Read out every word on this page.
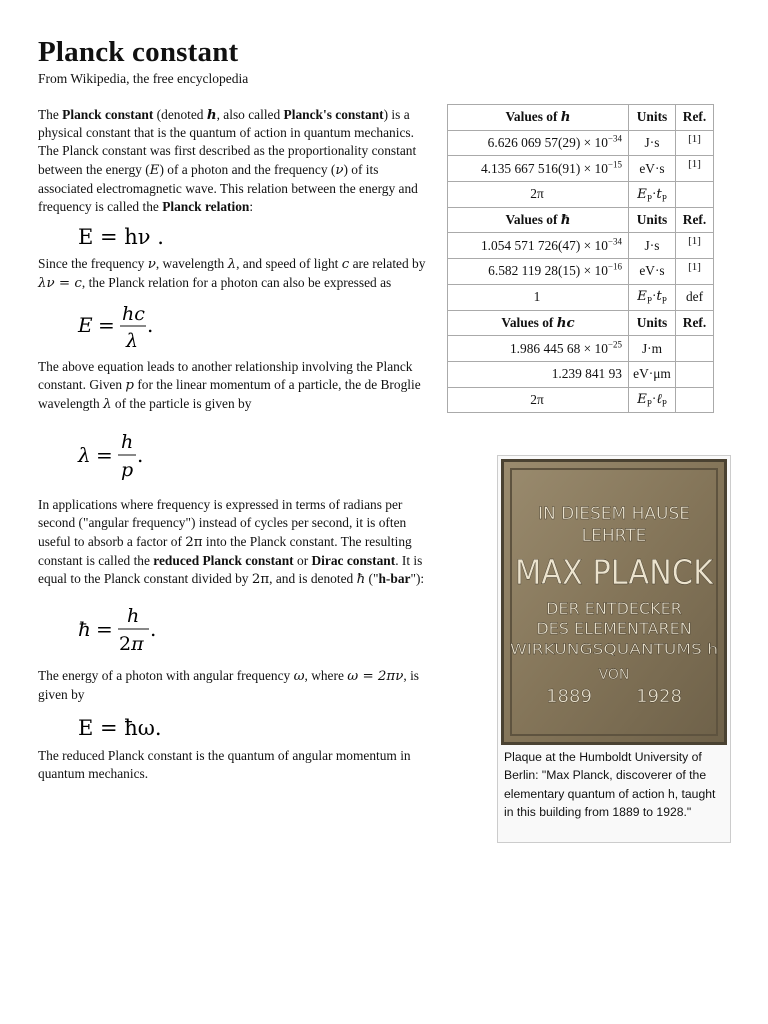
Planck constant
From Wikipedia, the free encyclopedia

The Planck constant (denoted h, also called Planck's constant) is a physical constant that is the quantum of action in quantum mechanics. The Planck constant was first described as the proportionality constant between the energy (E) of a photon and the frequency (ν) of its associated electromagnetic wave. This relation between the energy and frequency is called the Planck relation:

E = hν .

Since the frequency ν, wavelength λ, and speed of light c are related by λν = c, the Planck relation for a photon can also be expressed as

E = hc
λ
.

The above equation leads to another relationship involving the Planck constant. Given p for the linear momentum of a particle, the de Broglie wavelength λ of the particle is given by

λ =
h
p
.

In applications where frequency is expressed in terms of radians per second ("angular frequency") instead of cycles per second, it is often useful to absorb a factor of 2π into the Planck constant. The resulting constant is called the reduced Planck constant or Dirac constant. It is equal to the Planck constant divided by 2π, and is denoted ħ ("h-bar"):

ħ =
h
2π
.

The energy of a photon with angular frequency ω, where ω = 2πν, is given by

E = ħω.

The reduced Planck constant is the quantum of angular momentum in quantum mechanics.

Values of h	Units	Ref.
6.626 069 $57(29) \times 10^{-34}$	J·s	[1]
4.135 667 $516(91) \times 10^{-15}$	eV·s	[1]
2π	$E_P\cdot t_P$	
Values of ħ	Units	Ref.
1.054 571 $726(47) \times 10^{-34}$	J·s	[1]
6.582 119 $28(15) \times 10^{-16}$	eV·s	[1]
1	$E_P\cdot t_P$	def
Values of hc	Units	Ref.
1.986 445 $68 \times 10^{-25}$	J·m	
1.239 841 93	eV·μm	
2π	$E_P\cdot\ell_P$	
IN DIESEM HAUSE
LEHRTE
MAX PLANCK
DER ENTDECKER
DES ELEMENTAREN
WIRKUNGSQUANTUMS h
VON
1889 1928
Plaque at the Humboldt University of Berlin: "Max Planck, discoverer of the elementary quantum of action h, taught in this building from 1889 to 1928."
